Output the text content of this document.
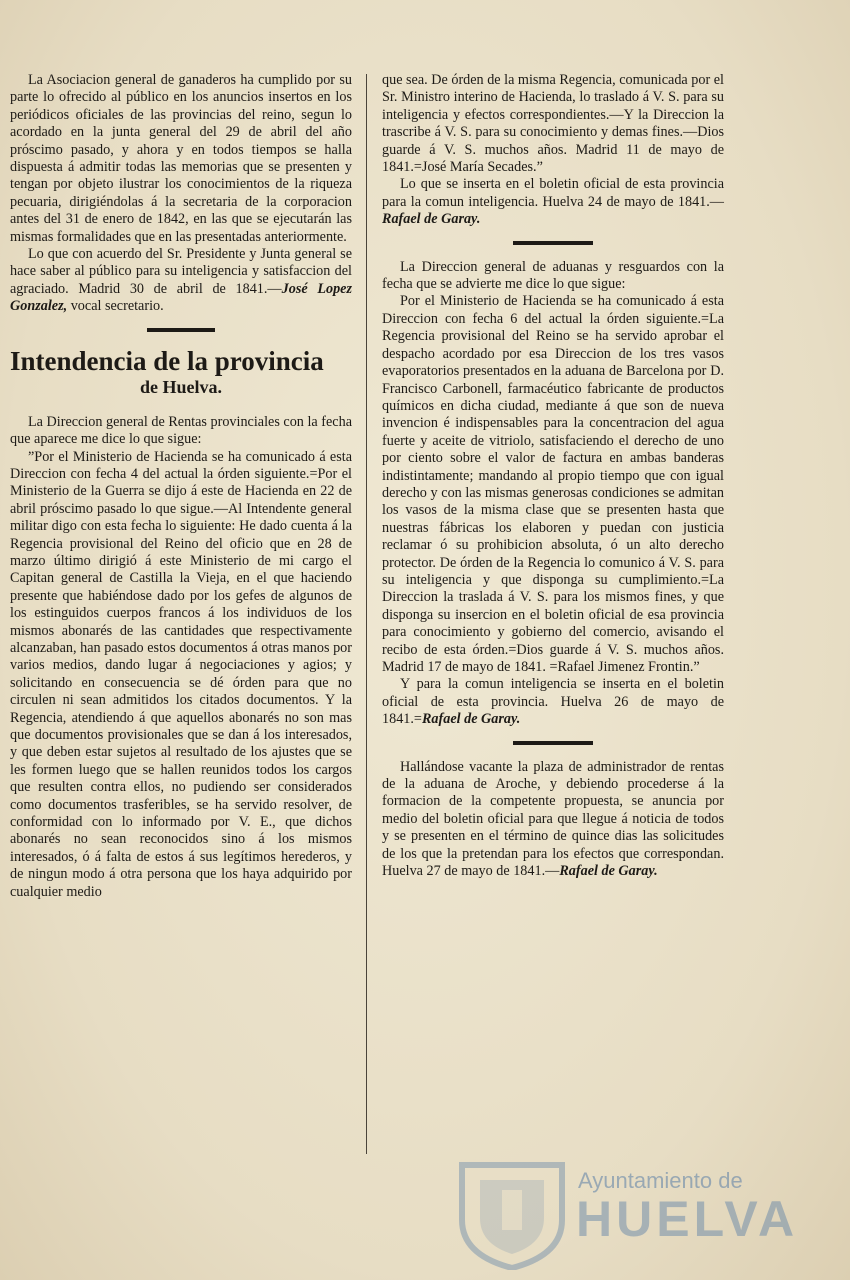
La Asociacion general de ganaderos ha cumplido por su parte lo ofrecido al público en los anuncios insertos en los periódicos oficiales de las provincias del reino, segun lo acordado en la junta general del 29 de abril del año próscimo pasado, y ahora y en todos tiempos se halla dispuesta á admitir todas las memorias que se presenten y tengan por objeto ilustrar los conocimientos de la riqueza pecuaria, dirigiéndolas á la secretaria de la corporacion antes del 31 de enero de 1842, en las que se ejecutarán las mismas formalidades que en las presentadas anteriormente.

Lo que con acuerdo del Sr. Presidente y Junta general se hace saber al público para su inteligencia y satisfaccion del agraciado. Madrid 30 de abril de 1841.—José Lopez Gonzalez, vocal secretario.

Intendencia de la provincia
de Huelva.

La Direccion general de Rentas provinciales con la fecha que aparece me dice lo que sigue:

”Por el Ministerio de Hacienda se ha comunicado á esta Direccion con fecha 4 del actual la órden siguiente.=Por el Ministerio de la Guerra se dijo á este de Hacienda en 22 de abril próscimo pasado lo que sigue.—Al Intendente general militar digo con esta fecha lo siguiente: He dado cuenta á la Regencia provisional del Reino del oficio que en 28 de marzo último dirigió á este Ministerio de mi cargo el Capitan general de Castilla la Vieja, en el que haciendo presente que habiéndose dado por los gefes de algunos de los estinguidos cuerpos francos á los individuos de los mismos abonarés de las cantidades que respectivamente alcanzaban, han pasado estos documentos á otras manos por varios medios, dando lugar á negociaciones y agios; y solicitando en consecuencia se dé órden para que no circulen ni sean admitidos los citados documentos. Y la Regencia, atendiendo á que aquellos abonarés no son mas que documentos provisionales que se dan á los interesados, y que deben estar sujetos al resultado de los ajustes que se les formen luego que se hallen reunidos todos los cargos que resulten contra ellos, no pudiendo ser considerados como documentos trasferibles, se ha servido resolver, de conformidad con lo informado por V. E., que dichos abonarés no sean reconocidos sino á los mismos interesados, ó á falta de estos á sus legítimos herederos, y de ningun modo á otra persona que los haya adquirido por cualquier medio

que sea. De órden de la misma Regencia, comunicada por el Sr. Ministro interino de Hacienda, lo traslado á V. S. para su inteligencia y efectos correspondientes.—Y la Direccion la trascribe á V. S. para su conocimiento y demas fines.—Dios guarde á V. S. muchos años. Madrid 11 de mayo de 1841.=José María Secades.”

Lo que se inserta en el boletin oficial de esta provincia para la comun inteligencia. Huelva 24 de mayo de 1841.—Rafael de Garay.

La Direccion general de aduanas y resguardos con la fecha que se advierte me dice lo que sigue:

Por el Ministerio de Hacienda se ha comunicado á esta Direccion con fecha 6 del actual la órden siguiente.=La Regencia provisional del Reino se ha servido aprobar el despacho acordado por esa Direccion de los tres vasos evaporatorios presentados en la aduana de Barcelona por D. Francisco Carbonell, farmacéutico fabricante de productos químicos en dicha ciudad, mediante á que son de nueva invencion é indispensables para la concentracion del agua fuerte y aceite de vitriolo, satisfaciendo el derecho de uno por ciento sobre el valor de factura en ambas banderas indistintamente; mandando al propio tiempo que con igual derecho y con las mismas generosas condiciones se admitan los vasos de la misma clase que se presenten hasta que nuestras fábricas los elaboren y puedan con justicia reclamar ó su prohibicion absoluta, ó un alto derecho protector. De órden de la Regencia lo comunico á V. S. para su inteligencia y que disponga su cumplimiento.=La Direccion la traslada á V. S. para los mismos fines, y que disponga su insercion en el boletin oficial de esa provincia para conocimiento y gobierno del comercio, avisando el recibo de esta órden.=Dios guarde á V. S. muchos años. Madrid 17 de mayo de 1841. =Rafael Jimenez Frontin.”

Y para la comun inteligencia se inserta en el boletin oficial de esta provincia. Huelva 26 de mayo de 1841.=Rafael de Garay.

Hallándose vacante la plaza de administrador de rentas de la aduana de Aroche, y debiendo procederse á la formacion de la competente propuesta, se anuncia por medio del boletin oficial para que llegue á noticia de todos y se presenten en el término de quince dias las solicitudes de los que la pretendan para los efectos que correspondan. Huelva 27 de mayo de 1841.—Rafael de Garay.

Ayuntamiento de
HUELVA
